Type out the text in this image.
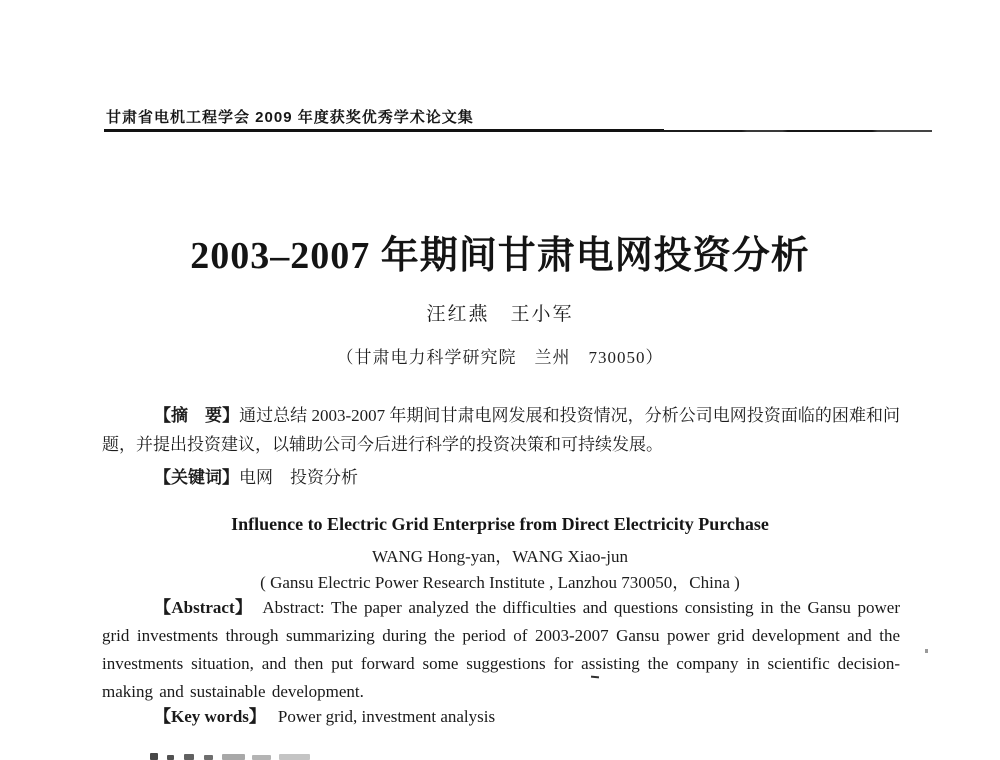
甘肃省电机工程学会 2009 年度获奖优秀学术论文集
2003–2007 年期间甘肃电网投资分析
汪红燕　王小军
（甘肃电力科学研究院　兰州　730050）

【摘　要】通过总结 2003-2007 年期间甘肃电网发展和投资情况，分析公司电网投资面临的困难和问题，并提出投资建议，以辅助公司今后进行科学的投资决策和可持续发展。

【关键词】电网　投资分析

Influence to Electric Grid Enterprise from Direct Electricity Purchase
WANG Hong-yan，WANG Xiao-jun
( Gansu Electric Power Research Institute , Lanzhou 730050，China )

【Abstract】 Abstract: The paper analyzed the difficulties and questions consisting in the Gansu power grid investments through summarizing during the period of 2003-2007 Gansu power grid development and the investments situation, and then put forward some suggestions for assisting the company in scientific decision-making and sustainable development.

【Key words】 Power grid, investment analysis
